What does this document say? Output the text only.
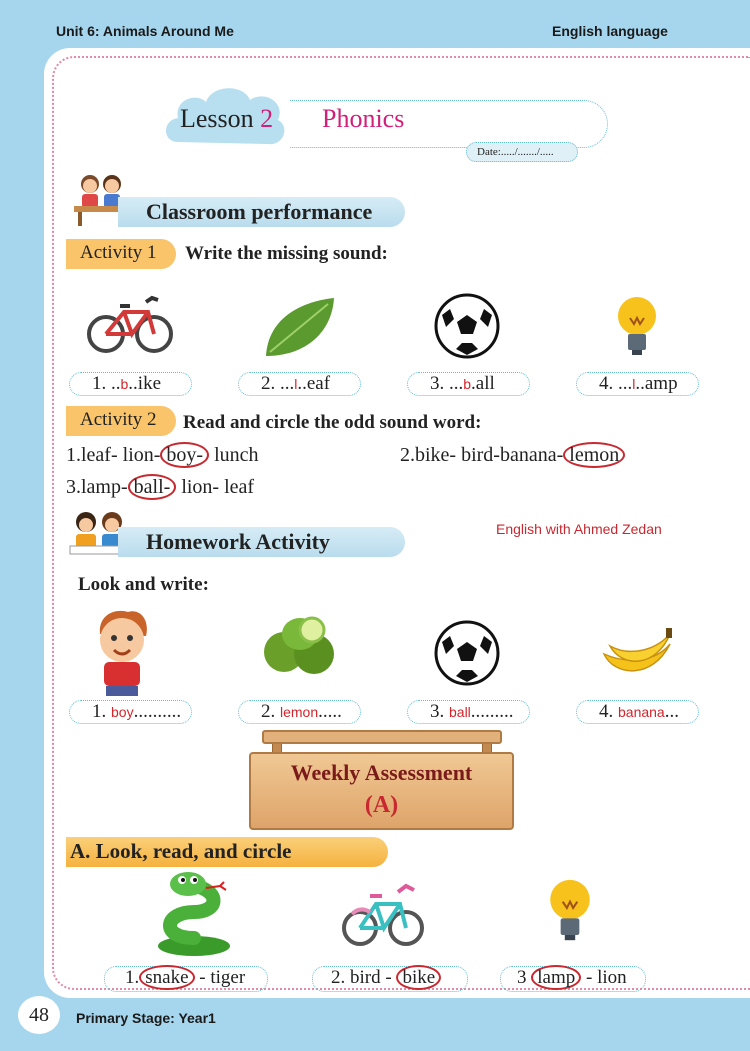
Unit 6: Animals Around Me	English language
Lesson 2 Phonics
Date:...../......./.....
Classroom performance
Activity 1	Write the missing sound:
1. ..b..ike	2. ...l..eaf	3. ...b.all	4. ...l..amp
Activity 2	Read and circle the odd sound word:
1.leaf- lion- boy- lunch	2.bike- bird-banana- lemon
3.lamp- ball- lion- leaf
Homework Activity	English with Ahmed Zedan
Look and write:
1. boy..........	2. lemon.....	3. ball.........	4. banana...
Weekly Assessment
(A)
A. Look, read, and circle
1. snake - tiger	2. bird - bike	3 lamp - lion
48	Primary Stage: Year1
